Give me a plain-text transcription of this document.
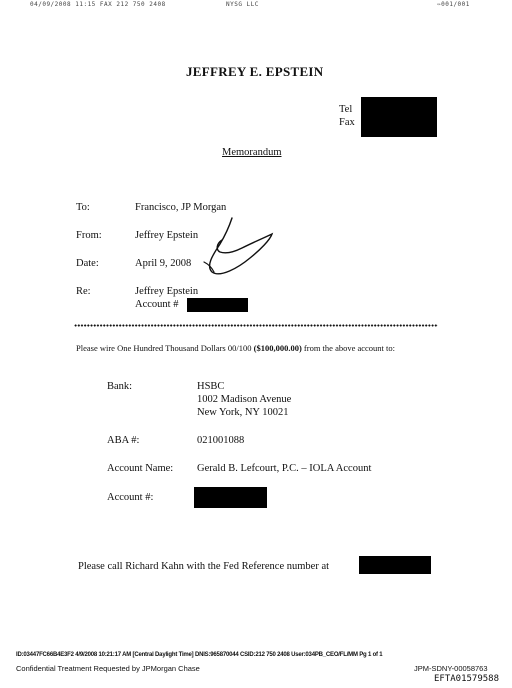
04/09/2008 11:15 FAX 212 750 2408	NYSG LLC	✑001/001
JEFFREY E. EPSTEIN
Tel
Fax
Memorandum
To:	Francisco, JP Morgan
From:	Jeffrey Epstein
Date:	April 9, 2008
Re:	Jeffrey Epstein
Account #
Please wire One Hundred Thousand Dollars 00/100 ($100,000.00) from the above account to:
Bank:	HSBC
1002 Madison Avenue
New York, NY 10021
ABA #:	021001088
Account Name: Gerald B. Lefcourt, P.C. – IOLA Account
Account #:
Please call Richard Kahn with the Fed Reference number at
ID:03447FC66B4E3F2 4/9/2008 10:21:17 AM [Central Daylight Time] DNIS:965870044 CSID:212 750 2408 User:034PB_CEO/FL/MM Pg 1 of 1
Confidential Treatment Requested by JPMorgan Chase	JPM-SDNY-00058763
EFTA01579588
